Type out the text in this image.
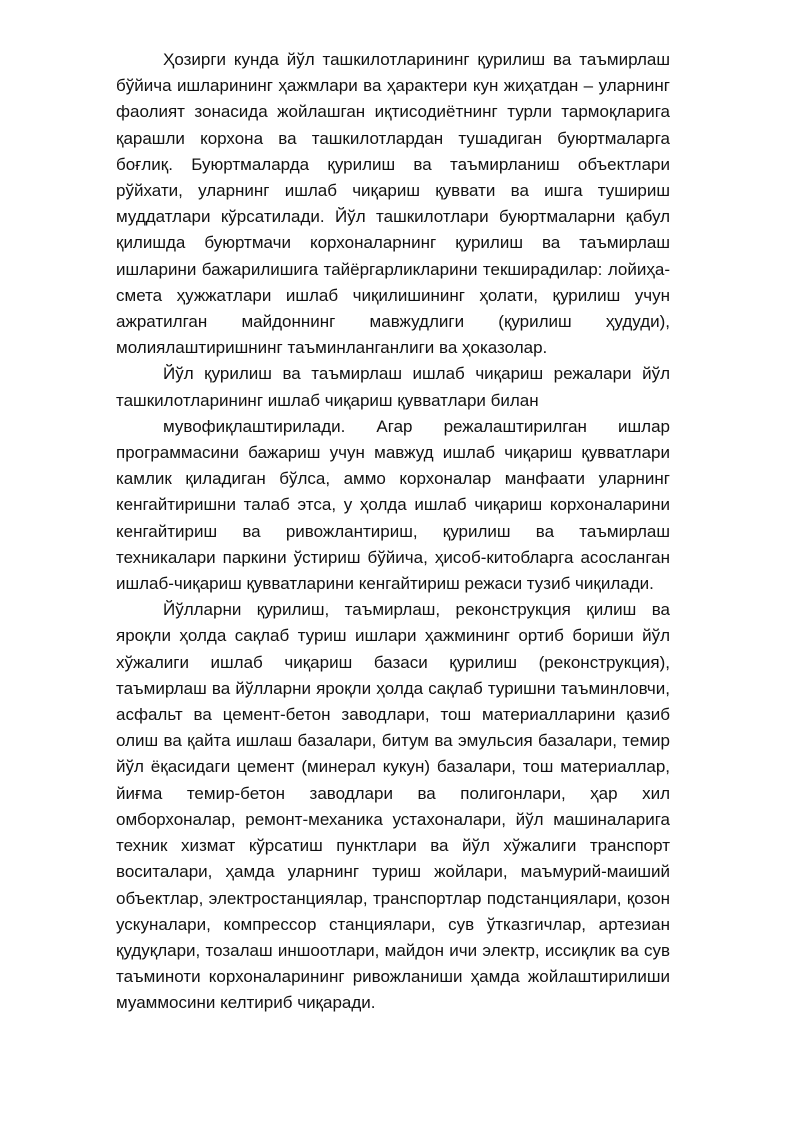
Ҳозирги кунда йўл ташкилотларининг қурилиш ва таъмирлаш бўйича ишларининг ҳажмлари ва ҳарактери кун жиҳатдан – уларнинг фаолият зонасида жойлашган иқтисодиётнинг турли тармоқларига қарашли корхона ва ташкилотлардан тушадиган буюртмаларга боғлиқ. Буюртмаларда қурилиш ва таъмирланиш объектлари рўйхати, уларнинг ишлаб чиқариш қуввати ва ишга тушириш муддатлари кўрсатилади. Йўл ташкилотлари буюртмаларни қабул қилишда буюртмачи корхоналарнинг қурилиш ва таъмирлаш ишларини бажарилишига тайёргарликларини текширадилар: лойиҳа-смета ҳужжатлари ишлаб чиқилишининг ҳолати, қурилиш учун ажратилган майдоннинг мавжудлиги (қурилиш ҳудуди), молиялаштиришнинг таъминланганлиги ва ҳоказолар.

Йўл қурилиш ва таъмирлаш ишлаб чиқариш режалари йўл ташкилотларининг ишлаб чиқариш қувватлари билан

мувофиқлаштирилади. Агар режалаштирилган ишлар программасини бажариш учун мавжуд ишлаб чиқариш қувватлари камлик қиладиган бўлса, аммо корхоналар манфаати уларнинг кенгайтиришни талаб этса, у ҳолда ишлаб чиқариш корхоналарини кенгайтириш ва ривожлантириш, қурилиш ва таъмирлаш техникалари паркини ўстириш бўйича, ҳисоб-китобларга асосланган ишлаб-чиқариш қувватларини кенгайтириш режаси тузиб чиқилади.

Йўлларни қурилиш, таъмирлаш, реконструкция қилиш ва яроқли ҳолда сақлаб туриш ишлари ҳажмининг ортиб бориши йўл хўжалиги ишлаб чиқариш базаси қурилиш (реконструкция), таъмирлаш ва йўлларни яроқли ҳолда сақлаб туришни таъминловчи, асфальт ва цемент-бетон заводлари, тош материалларини қазиб олиш ва қайта ишлаш базалари, битум ва эмульсия базалари, темир йўл ёқасидаги цемент (минерал кукун) базалари, тош материаллар, йиғма темир-бетон заводлари ва полигонлари, ҳар хил омборхоналар, ремонт-механика устахоналари, йўл машиналарига техник хизмат кўрсатиш пунктлари ва йўл хўжалиги транспорт воситалари, ҳамда уларнинг туриш жойлари, маъмурий-маиший объектлар, электростанциялар, транспортлар подстанциялари, қозон ускуналари, компрессор станциялари, сув ўтказгичлар, артезиан қудуқлари, тозалаш иншоотлари, майдон ичи электр, иссиқлик ва сув таъминоти корхоналарининг ривожланиши ҳамда жойлаштирилиши муаммосини келтириб чиқаради.
